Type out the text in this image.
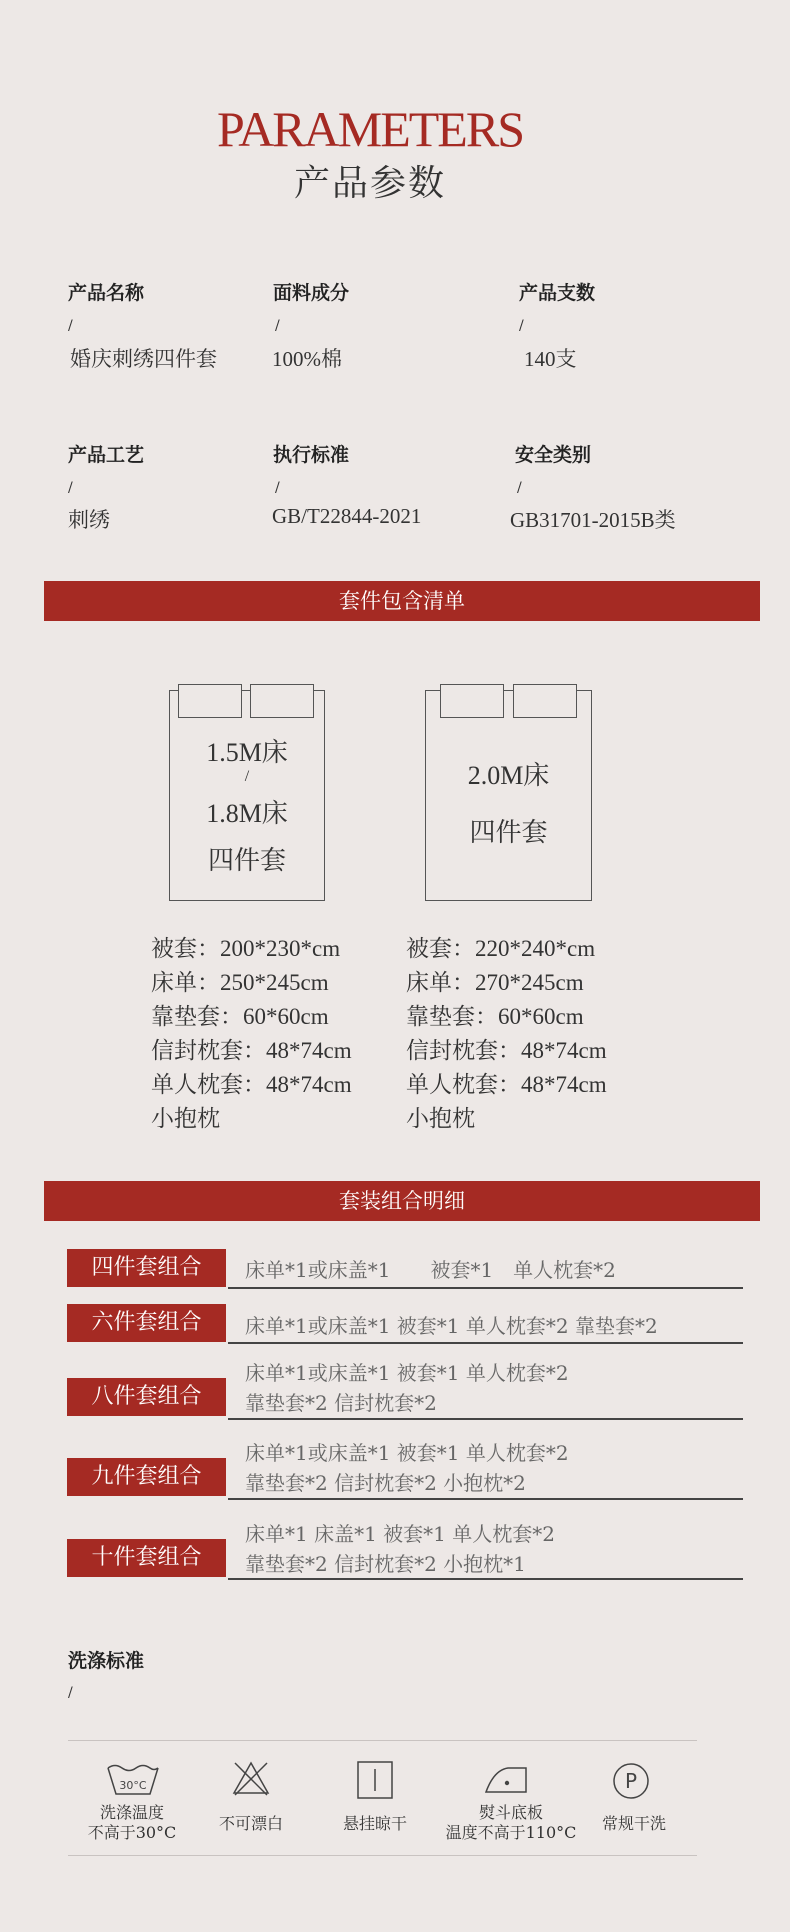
PARAMETERS
产品参数
产品名称
/
婚庆刺绣四件套
面料成分
/
100%棉
产品支数
/
140支
产品工艺
/
刺绣
执行标准
/
GB/T22844-2021
安全类别
/
GB31701-2015B类
套件包含清单
1.5M床
/
1.8M床
四件套
2.0M床
四件套
被套：200*230*cm
床单：250*245cm
靠垫套：60*60cm
信封枕套：48*74cm
单人枕套：48*74cm
小抱枕
被套：220*240*cm
床单：270*245cm
靠垫套：60*60cm
信封枕套：48*74cm
单人枕套：48*74cm
小抱枕
套装组合明细
四件套组合	床单*1或床盖*1　　被套*1　单人枕套*2
六件套组合	床单*1或床盖*1 被套*1 单人枕套*2 靠垫套*2
八件套组合
床单*1或床盖*1 被套*1 单人枕套*2
靠垫套*2 信封枕套*2
九件套组合
床单*1或床盖*1 被套*1 单人枕套*2
靠垫套*2 信封枕套*2 小抱枕*2
十件套组合
床单*1 床盖*1 被套*1 单人枕套*2
靠垫套*2 信封枕套*2 小抱枕*1
洗涤标准
/
30°C
洗涤温度
不高于30°C	不可漂白	悬挂晾干
熨斗底板
温度不高于110°C
P
常规干洗
